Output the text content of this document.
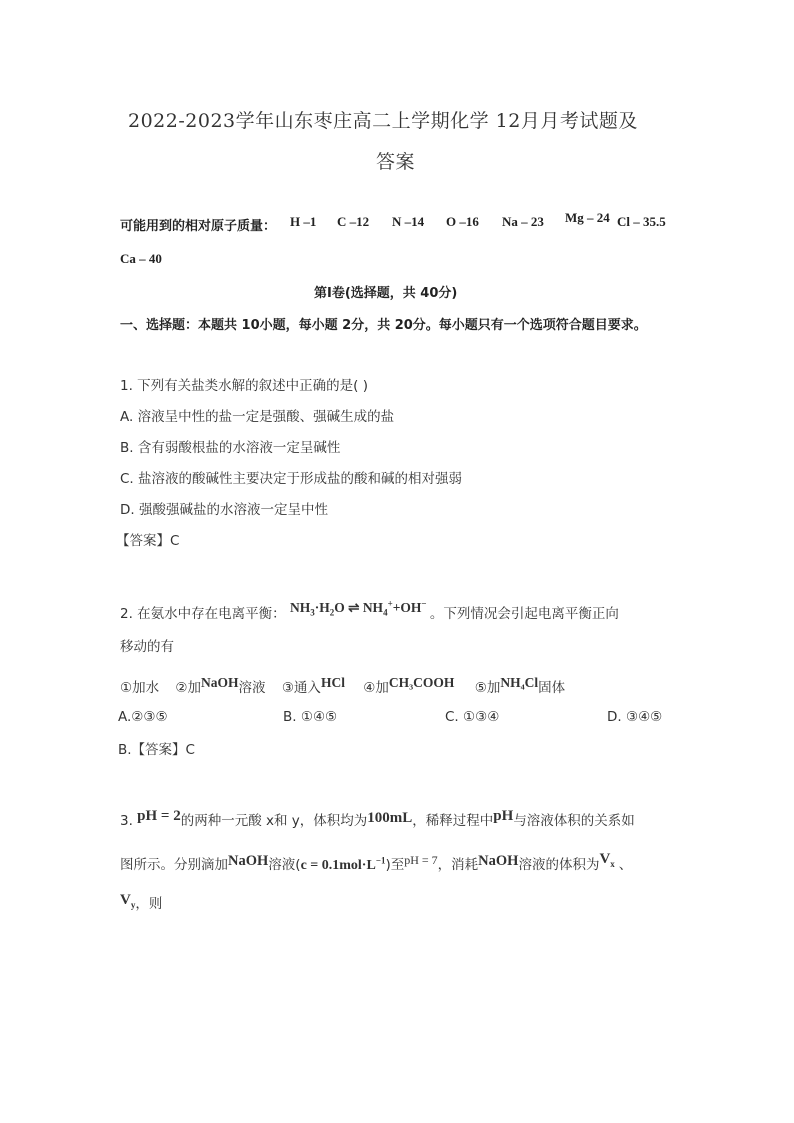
2022-2023学年山东枣庄高二上学期化学 12月月考试题及
答案
可能用到的相对原子质量： H –1 C –12 N –14 O –16 Na – 23 Mg – 24 Cl – 35.5
Ca – 40
第Ⅰ卷(选择题，共 40分)
一、选择题：本题共 10小题，每小题 2分，共 20分。每小题只有一个选项符合题目要求。
1. 下列有关盐类水解的叙述中正确的是( )
A. 溶液呈中性的盐一定是强酸、强碱生成的盐
B. 含有弱酸根盐的水溶液一定呈碱性
C. 盐溶液的酸碱性主要决定于形成盐的酸和碱的相对强弱
D. 强酸强碱盐的水溶液一定呈中性
【答案】C
2. 在氨水中存在电离平衡： $NH_3\cdot H_2O$ ⇌ $NH_4^++OH^-$ 。下列情况会引起电离平衡正向
移动的有
①加水 ②加NaOH溶液 ③通入HCl ④加CH₃COOH ⑤加NH₄Cl固体
A.②③⑤	B. ①④⑤	C. ①③④	D. ③④⑤
B.【答案】C
3. pH = 2的两种一元酸 x和 y，体积均为100mL，稀释过程中pH与溶液体积的关系如
图所示。分别滴加NaOH溶液$(c = 0.1mol\cdot L^{-1})$至pH = 7，消耗NaOH溶液的体积为$V_x$ 、
$V_y$，则
